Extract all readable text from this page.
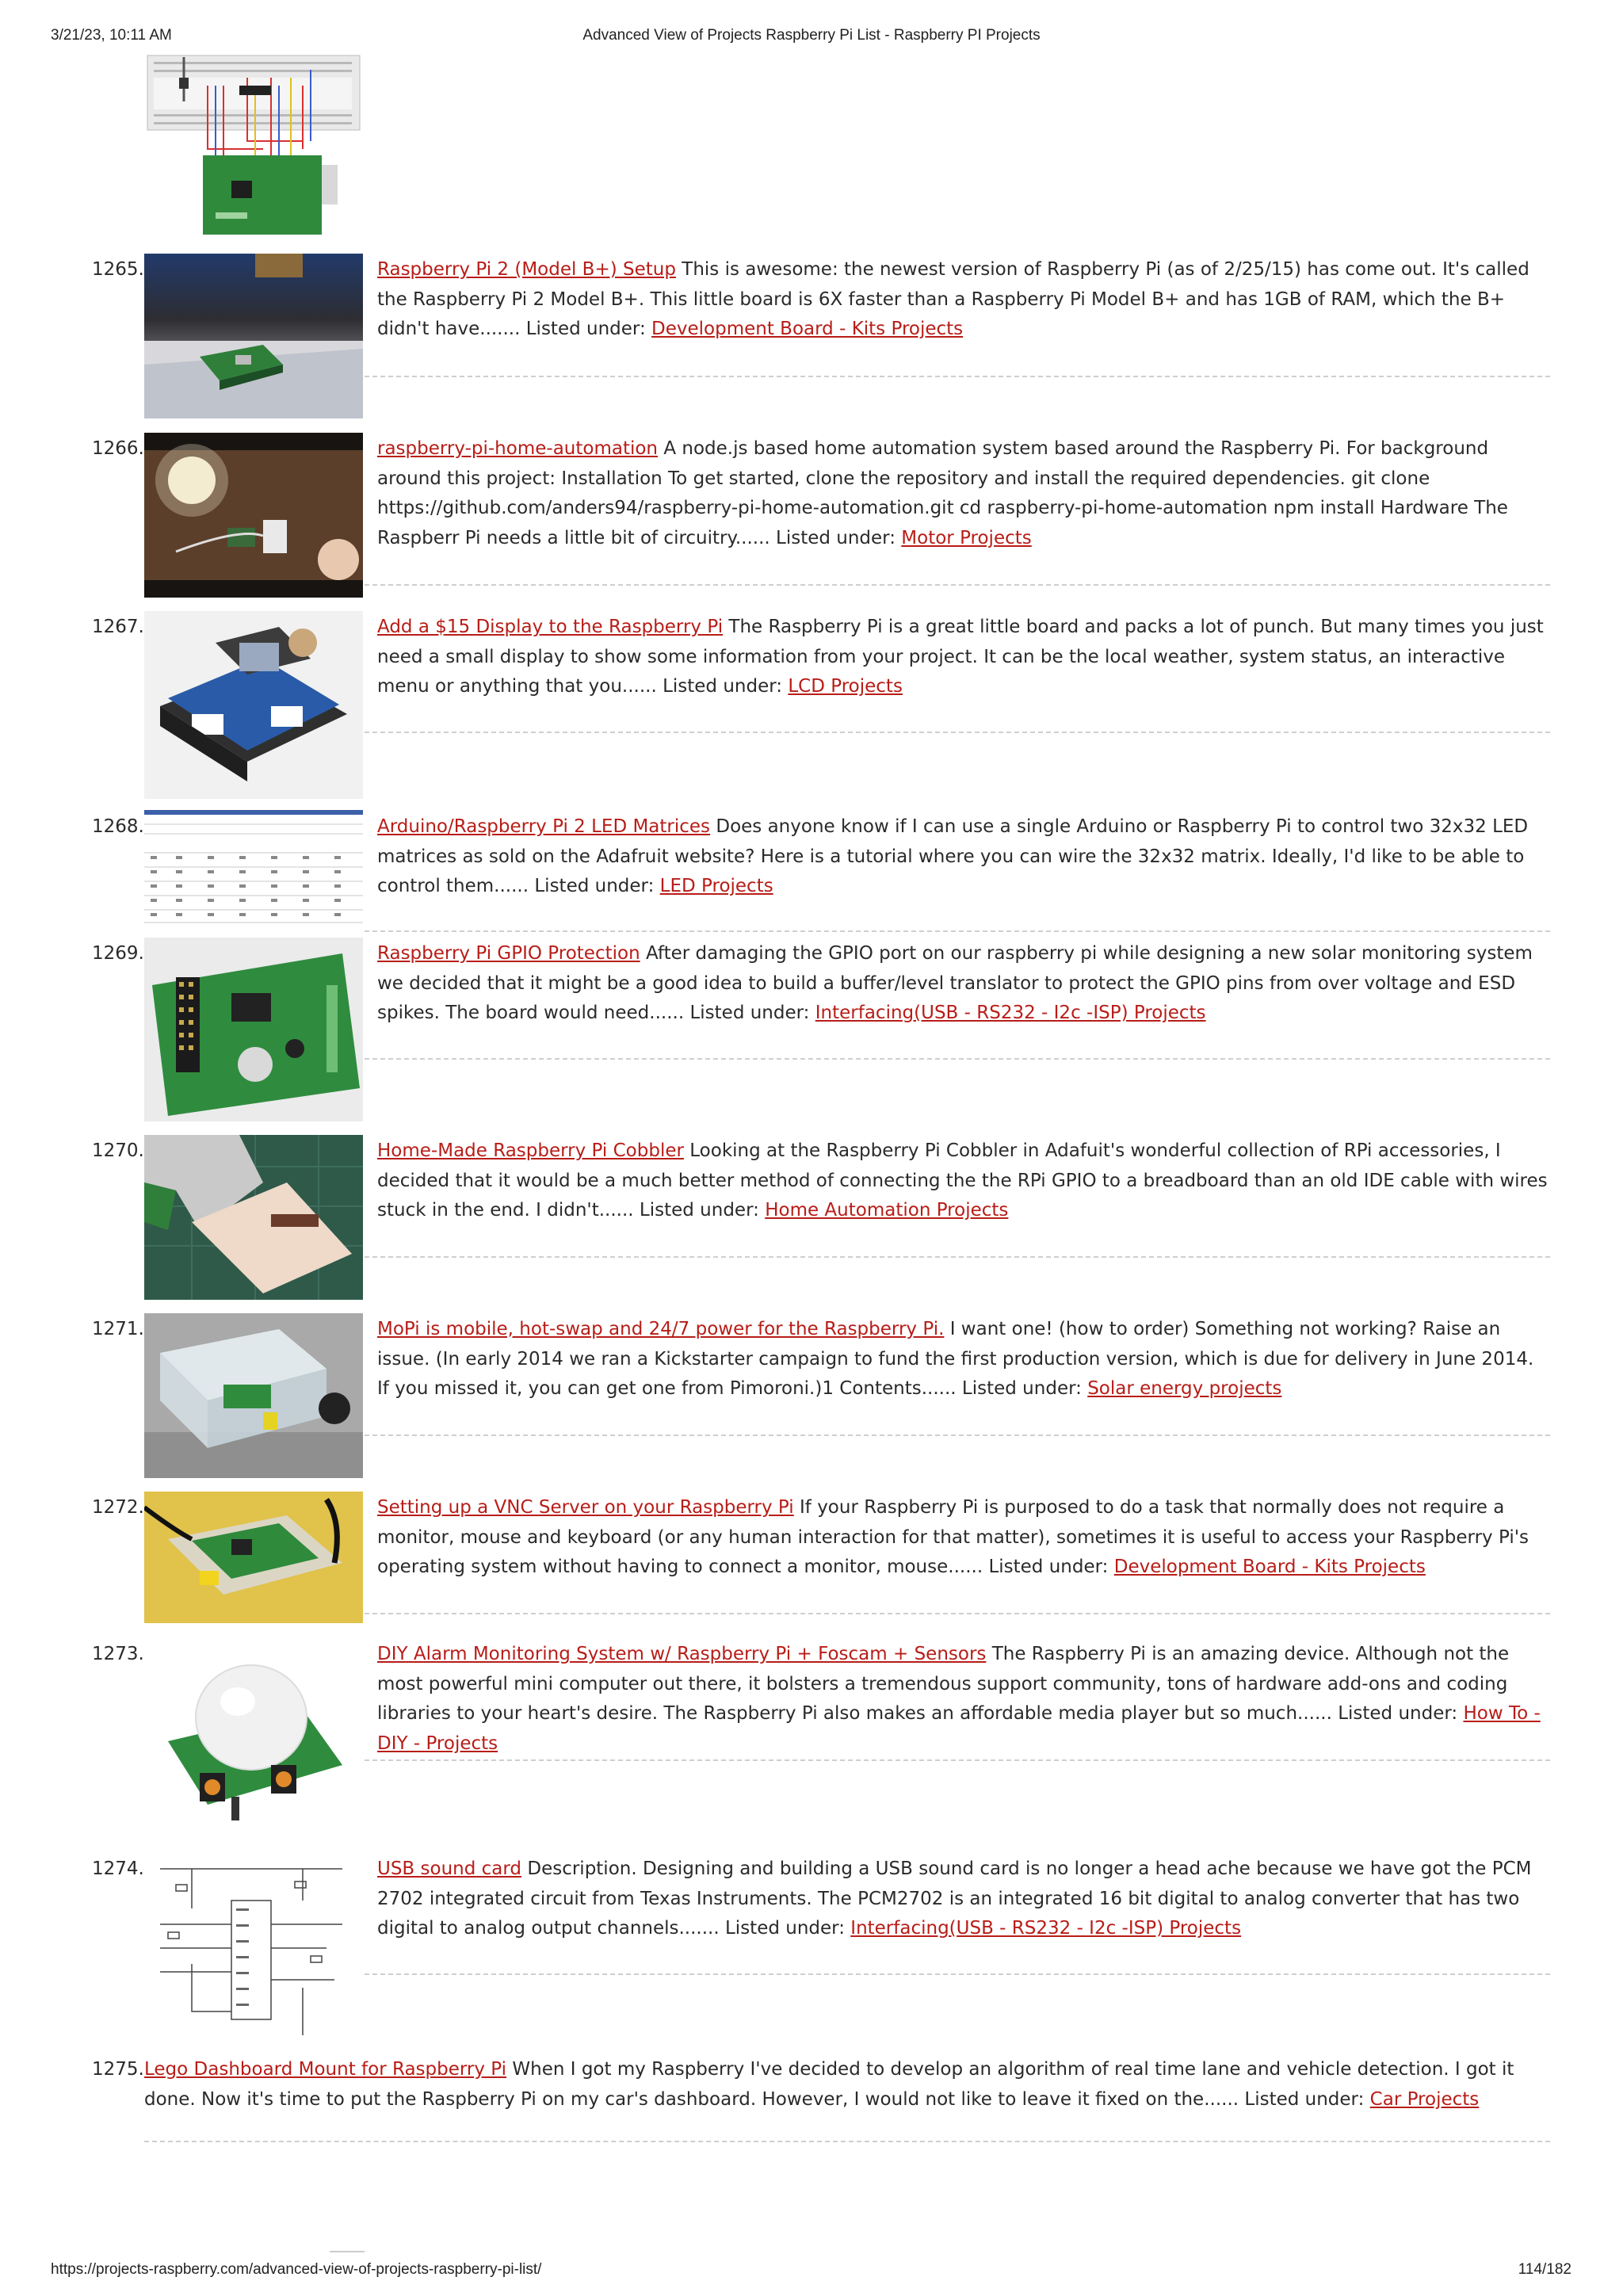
3/21/23, 10:11 AM	Advanced View of Projects Raspberry Pi List - Raspberry PI Projects
1265.	Raspberry Pi 2 (Model B+) Setup This is awesome: the newest version of Raspberry Pi (as of 2/25/15) has come out. It's called the Raspberry Pi 2 Model B+. This little board is 6X faster than a Raspberry Pi Model B+ and has 1GB of RAM, which the B+ didn't have....... Listed under: Development Board - Kits Projects
1266.	raspberry-pi-home-automation A node.js based home automation system based around the Raspberry Pi. For background around this project: Installation To get started, clone the repository and install the required dependencies. git clone https://github.com/anders94/raspberry-pi-home-automation.git cd raspberry-pi-home-automation npm install Hardware The Raspberr Pi needs a little bit of circuitry...... Listed under: Motor Projects
1267.	Add a $15 Display to the Raspberry Pi The Raspberry Pi is a great little board and packs a lot of punch. But many times you just need a small display to show some information from your project. It can be the local weather, system status, an interactive menu or anything that you...... Listed under: LCD Projects
1268.	Arduino/Raspberry Pi 2 LED Matrices Does anyone know if I can use a single Arduino or Raspberry Pi to control two 32x32 LED matrices as sold on the Adafruit website? Here is a tutorial where you can wire the 32x32 matrix. Ideally, I'd like to be able to control them...... Listed under: LED Projects
1269.	Raspberry Pi GPIO Protection After damaging the GPIO port on our raspberry pi while designing a new solar monitoring system we decided that it might be a good idea to build a buffer/level translator to protect the GPIO pins from over voltage and ESD spikes. The board would need...... Listed under: Interfacing(USB - RS232 - I2c -ISP) Projects
1270.	Home-Made Raspberry Pi Cobbler Looking at the Raspberry Pi Cobbler in Adafuit's wonderful collection of RPi accessories, I decided that it would be a much better method of connecting the the RPi GPIO to a breadboard than an old IDE cable with wires stuck in the end. I didn't...... Listed under: Home Automation Projects
1271.	MoPi is mobile, hot-swap and 24/7 power for the Raspberry Pi. I want one! (how to order) Something not working? Raise an issue. (In early 2014 we ran a Kickstarter campaign to fund the first production version, which is due for delivery in June 2014. If you missed it, you can get one from Pimoroni.)1 Contents...... Listed under: Solar energy projects
1272.	Setting up a VNC Server on your Raspberry Pi If your Raspberry Pi is purposed to do a task that normally does not require a monitor, mouse and keyboard (or any human interaction for that matter), sometimes it is useful to access your Raspberry Pi's operating system without having to connect a monitor, mouse...... Listed under: Development Board - Kits Projects
1273.	DIY Alarm Monitoring System w/ Raspberry Pi + Foscam + Sensors The Raspberry Pi is an amazing device. Although not the most powerful mini computer out there, it bolsters a tremendous support community, tons of hardware add-ons and coding libraries to your heart's desire. The Raspberry Pi also makes an affordable media player but so much...... Listed under: How To - DIY - Projects
1274.	USB sound card Description. Designing and building a USB sound card is no longer a head ache because we have got the PCM 2702 integrated circuit from Texas Instruments. The PCM2702 is an integrated 16 bit digital to analog converter that has two digital to analog output channels....... Listed under: Interfacing(USB - RS232 - I2c -ISP) Projects
1275. Lego Dashboard Mount for Raspberry Pi When I got my Raspberry I've decided to develop an algorithm of real time lane and vehicle detection. I got it done. Now it's time to put the Raspberry Pi on my car's dashboard. However, I would not like to leave it fixed on the...... Listed under: Car Projects
https://projects-raspberry.com/advanced-view-of-projects-raspberry-pi-list/	114/182
